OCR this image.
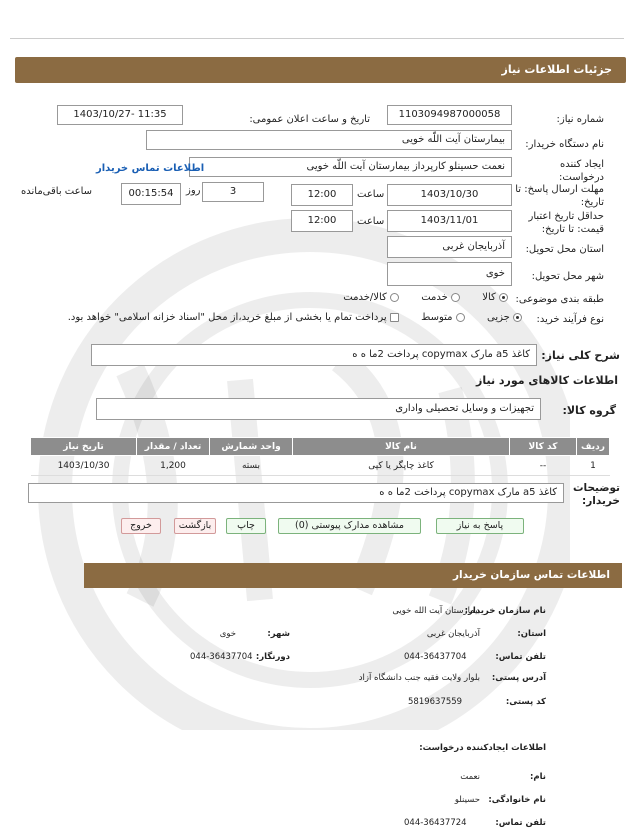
جزئیات اطلاعات نیاز
شماره نیاز:
1103094987000058
تاریخ و ساعت اعلان عمومی:
1403/10/27- 11:35
نام دستگاه خریدار:
بیمارستان آیت اللّه خویی
ایجاد کننده درخواست:
نعمت حسینلو کارپرداز بیمارستان آیت اللّه خویی
اطلاعات تماس خریدار
مهلت ارسال پاسخ: تا تاریخ:
1403/10/30
ساعت
12:00
3
روز
00:15:54
ساعت باقی‌مانده
حداقل تاریخ اعتبار قیمت: تا تاریخ:
1403/11/01
ساعت
12:00
استان محل تحویل:
آذربایجان غربی
شهر محل تحویل:
خوی
طبقه بندی موضوعی:
کالا        خدمت        کالا/خدمت
نوع فرآیند خرید:
جزیی        متوسط        پرداخت تمام یا بخشی از مبلغ خرید،از محل "اسناد خزانه اسلامی" خواهد بود.
شرح کلی نیاز:
کاغذ a5 مارک copymax پرداخت 2ما ه ه
اطلاعات کالاهای مورد نیاز
گروه کالا:
تجهیزات و وسایل تحصیلی واداری
ردیف	کد کالا	نام کالا	واحد شمارش	تعداد / مقدار	تاریخ نیاز
1	--	کاغذ چاپگر یا کپی	بسته	1,200	1403/10/30
توضیحات خریدار:
کاغذ a5 مارک copymax پرداخت 2ما ه ه
پاسخ به نیاز
مشاهده مدارک پیوستی (0)
چاپ
بازگشت
خروج
اطلاعات تماس سازمان خریدار
نام سازمان خریدار:
بیمارستان آیت الله خویی
استان:
آذربایجان غربی
شهر:
خوی
تلفن تماس:
044-36437704
دورنگار:
044-36437704
آدرس پستی:
بلوار ولایت فقیه جنب دانشگاه آزاد
کد پستی:
5819637559
اطلاعات ایجادکننده درخواست:
نام:
نعمت
نام خانوادگی:
حسینلو
تلفن تماس:
044-36437724
